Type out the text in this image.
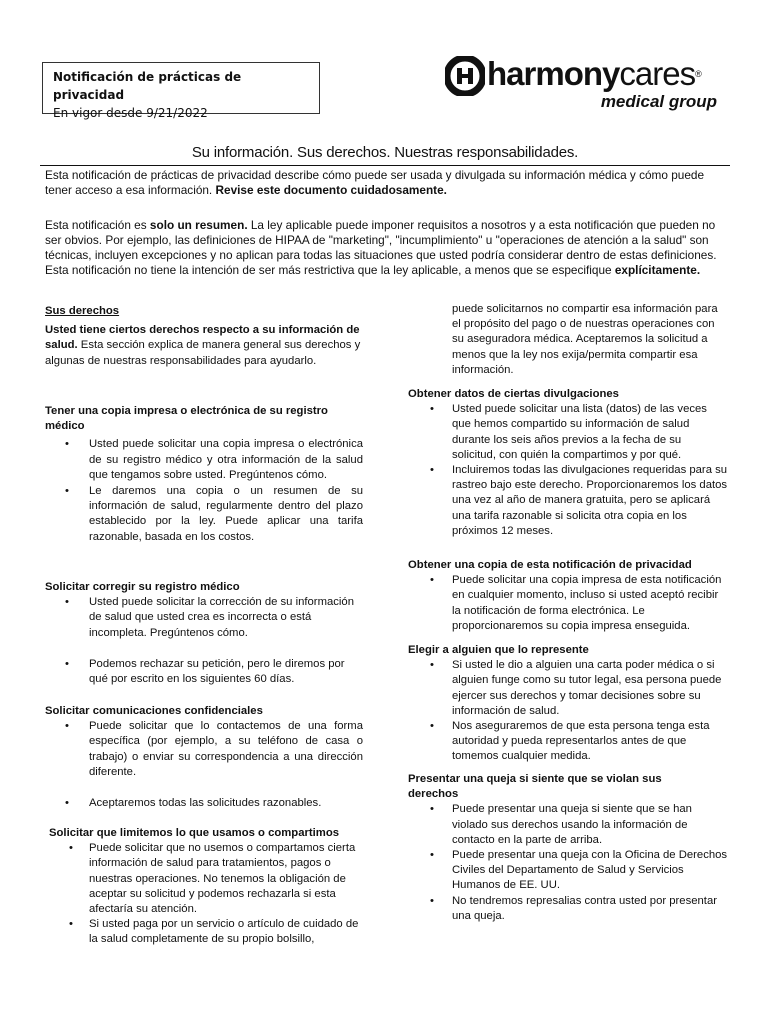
Notificación de prácticas de privacidad
En vigor desde 9/21/2022
harmonycares®
medical group
Su información. Sus derechos. Nuestras responsabilidades.
Esta notificación de prácticas de privacidad describe cómo puede ser usada y divulgada su información médica y cómo puede tener acceso a esa información. Revise este documento cuidadosamente.
Esta notificación es solo un resumen. La ley aplicable puede imponer requisitos a nosotros y a esta notificación que pueden no ser obvios. Por ejemplo, las definiciones de HIPAA de "marketing", "incumplimiento" u "operaciones de atención a la salud" son técnicas, incluyen excepciones y no aplican para todas las situaciones que usted podría considerar dentro de estas definiciones. Esta notificación no tiene la intención de ser más restrictiva que la ley aplicable, a menos que se especifique explícitamente.
Sus derechos

Usted tiene ciertos derechos respecto a su información de salud. Esta sección explica de manera general sus derechos y algunas de nuestras responsabilidades para ayudarlo.

Tener una copia impresa o electrónica de su registro médico
• Usted puede solicitar una copia impresa o electrónica de su registro médico y otra información de la salud que tengamos sobre usted. Pregúntenos cómo.
• Le daremos una copia o un resumen de su información de salud, regularmente dentro del plazo establecido por la ley. Puede aplicar una tarifa razonable, basada en los costos.
Solicitar corregir su registro médico
• Usted puede solicitar la corrección de su información de salud que usted crea es incorrecta o está incompleta. Pregúntenos cómo.
• Podemos rechazar su petición, pero le diremos por qué por escrito en los siguientes 60 días.
Solicitar comunicaciones confidenciales
• Puede solicitar que lo contactemos de una forma específica (por ejemplo, a su teléfono de casa o trabajo) o enviar su correspondencia a una dirección diferente.
• Aceptaremos todas las solicitudes razonables.
Solicitar que limitemos lo que usamos o compartimos
• Puede solicitar que no usemos o compartamos cierta información de salud para tratamientos, pagos o nuestras operaciones. No tenemos la obligación de aceptar su solicitud y podemos rechazarla si esta afectaría su atención.
• Si usted paga por un servicio o artículo de cuidado de la salud completamente de su propio bolsillo,

puede solicitarnos no compartir esa información para el propósito del pago o de nuestras operaciones con su aseguradora médica. Aceptaremos la solicitud a menos que la ley nos exija/permita compartir esa información.

Obtener datos de ciertas divulgaciones
• Usted puede solicitar una lista (datos) de las veces que hemos compartido su información de salud durante los seis años previos a la fecha de su solicitud, con quién la compartimos y por qué.
• Incluiremos todas las divulgaciones requeridas para su rastreo bajo este derecho. Proporcionaremos los datos una vez al año de manera gratuita, pero se aplicará una tarifa razonable si solicita otra copia en los próximos 12 meses.
Obtener una copia de esta notificación de privacidad
• Puede solicitar una copia impresa de esta notificación en cualquier momento, incluso si usted aceptó recibir la notificación de forma electrónica. Le proporcionaremos su copia impresa enseguida.
Elegir a alguien que lo represente
• Si usted le dio a alguien una carta poder médica o si alguien funge como su tutor legal, esa persona puede ejercer sus derechos y tomar decisiones sobre su información de salud.
• Nos aseguraremos de que esta persona tenga esta autoridad y pueda representarlos antes de que tomemos cualquier medida.
Presentar una queja si siente que se violan sus derechos
• Puede presentar una queja si siente que se han violado sus derechos usando la información de contacto en la parte de arriba.
• Puede presentar una queja con la Oficina de Derechos Civiles del Departamento de Salud y Servicios Humanos de EE. UU.
• No tendremos represalias contra usted por presentar una queja.
